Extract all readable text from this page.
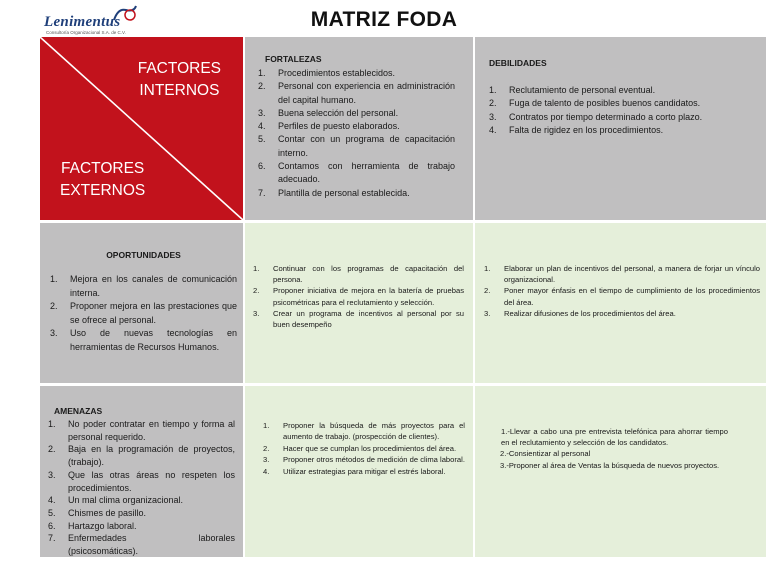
Lenimentus
Consultoría Organizacional S.A. de C.V.
MATRIZ FODA
FACTORES
INTERNOS
FACTORES
EXTERNOS
FORTALEZAS
Procedimientos establecidos.
Personal con experiencia en administración del capital humano.
Buena selección del personal.
Perfiles de puesto elaborados.
Contar con un programa de capacitación interno.
Contamos con herramienta de trabajo adecuado.
Plantilla de personal establecida.
DEBILIDADES
Reclutamiento de personal eventual.
Fuga de talento de posibles buenos candidatos.
Contratos por tiempo determinado a corto plazo.
Falta de rigidez en los procedimientos.
OPORTUNIDADES
Mejora en los canales de comunicación interna.
Proponer mejora en las prestaciones que se ofrece al personal.
Uso de nuevas tecnologías en herramientas de Recursos Humanos.
Continuar con los programas de capacitación del persona.
Proponer iniciativa de mejora en la batería de pruebas psicométricas para el reclutamiento y selección.
Crear un programa de incentivos al personal por su buen desempeño
Elaborar un plan de incentivos del personal, a manera de forjar un vínculo organizacional.
Poner mayor énfasis en el tiempo de cumplimiento de los procedimientos del área.
Realizar difusiones de los procedimientos del área.
AMENAZAS
No poder contratar en tiempo y forma al personal requerido.
Baja en la programación de proyectos, (trabajo).
Que las otras áreas no respeten los procedimientos.
Un mal clima organizacional.
Chismes de pasillo.
Hartazgo laboral.
Enfermedades laborales (psicosomáticas).
Proponer la búsqueda de más proyectos para el aumento de trabajo. (prospección de clientes).
Hacer que se cumplan los procedimientos del área.
Proponer otros métodos de medición de clima laboral.
Utilizar estrategias para mitigar el estrés laboral.

1.-Llevar a cabo una pre entrevista telefónica para ahorrar tiempo en el reclutamiento y selección de los candidatos.

2.-Consientizar al personal

3.-Proponer al área de Ventas la búsqueda de nuevos proyectos.
